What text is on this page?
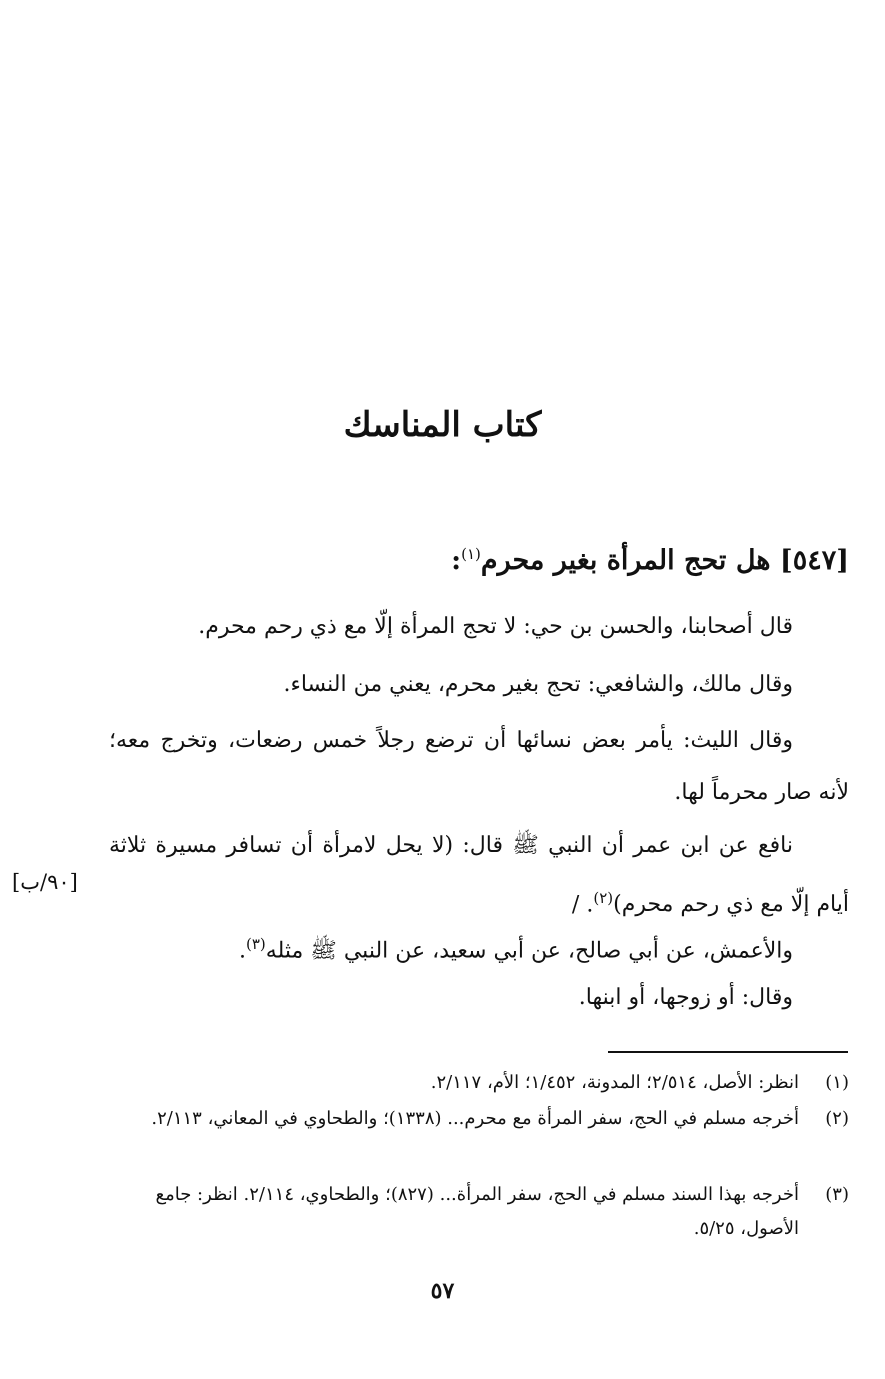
كتاب المناسك
[٥٤٧] هل تحج المرأة بغير محرم$^{(١)}$:
قال أصحابنا، والحسن بن حي: لا تحج المرأة إلّا مع ذي رحم محرم.
وقال مالك، والشافعي: تحج بغير محرم، يعني من النساء.
وقال الليث: يأمر بعض نسائها أن ترضع رجلاً خمس رضعات، وتخرج معه؛ لأنه صار محرماً لها.
نافع عن ابن عمر أن النبي ﷺ قال: (لا يحل لامرأة أن تسافر مسيرة ثلاثة أيام إلّا مع ذي رحم محرم)$^{(٢)}$. /
[٩٠/ب]
والأعمش، عن أبي صالح، عن أبي سعيد، عن النبي ﷺ مثله$^{(٣)}$.
وقال: أو زوجها، أو ابنها.
(١)
انظر: الأصل، ٢/٥١٤؛ المدونة، ١/٤٥٢؛ الأم، ٢/١١٧.
(٢)
أخرجه مسلم في الحج، سفر المرأة مع محرم... (١٣٣٨)؛ والطحاوي في المعاني، ٢/١١٣.
(٣)
أخرجه بهذا السند مسلم في الحج، سفر المرأة... (٨٢٧)؛ والطحاوي، ٢/١١٤. انظر: جامع الأصول، ٥/٢٥.
٥٧
